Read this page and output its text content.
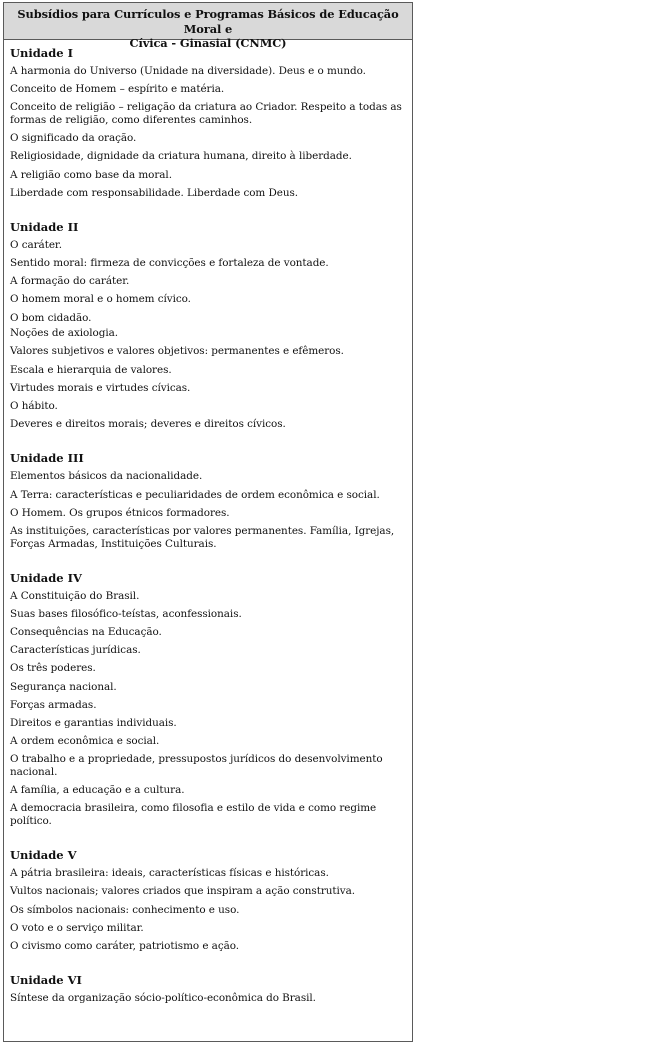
Subsídios para Currículos e Programas Básicos de Educação Moral e
Cívica - Ginasial (CNMC)
Unidade I
A harmonia do Universo (Unidade na diversidade). Deus e o mundo.
Conceito de Homem – espírito e matéria.
Conceito de religião – religação da criatura ao Criador. Respeito a todas as formas de religião, como diferentes caminhos.
O significado da oração.
Religiosidade, dignidade da criatura humana, direito à liberdade.
A religião como base da moral.
Liberdade com responsabilidade. Liberdade com Deus.
Unidade II
O caráter.
Sentido moral: firmeza de convicções e fortaleza de vontade.
A formação do caráter.
O homem moral e o homem cívico.
O bom cidadão.
Noções de axiologia.
Valores subjetivos e valores objetivos: permanentes e efêmeros.
Escala e hierarquia de valores.
Virtudes morais e virtudes cívicas.
O hábito.
Deveres e direitos morais; deveres e direitos cívicos.
Unidade III
Elementos básicos da nacionalidade.
A Terra: características e peculiaridades de ordem econômica e social.
O Homem. Os grupos étnicos formadores.
As instituições, características por valores permanentes. Família, Igrejas, Forças Armadas, Instituições Culturais.
Unidade IV
A Constituição do Brasil.
Suas bases filosófico-teístas, aconfessionais.
Consequências na Educação.
Características jurídicas.
Os três poderes.
Segurança nacional.
Forças armadas.
Direitos e garantias individuais.
A ordem econômica e social.
O trabalho e a propriedade, pressupostos jurídicos do desenvolvimento nacional.
A família, a educação e a cultura.
A democracia brasileira, como filosofia e estilo de vida e como regime político.
Unidade V
A pátria brasileira: ideais, características físicas e históricas.
Vultos nacionais; valores criados que inspiram a ação construtiva.
Os símbolos nacionais: conhecimento e uso.
O voto e o serviço militar.
O civismo como caráter, patriotismo e ação.
Unidade VI
Síntese da organização sócio-político-econômica do Brasil.
